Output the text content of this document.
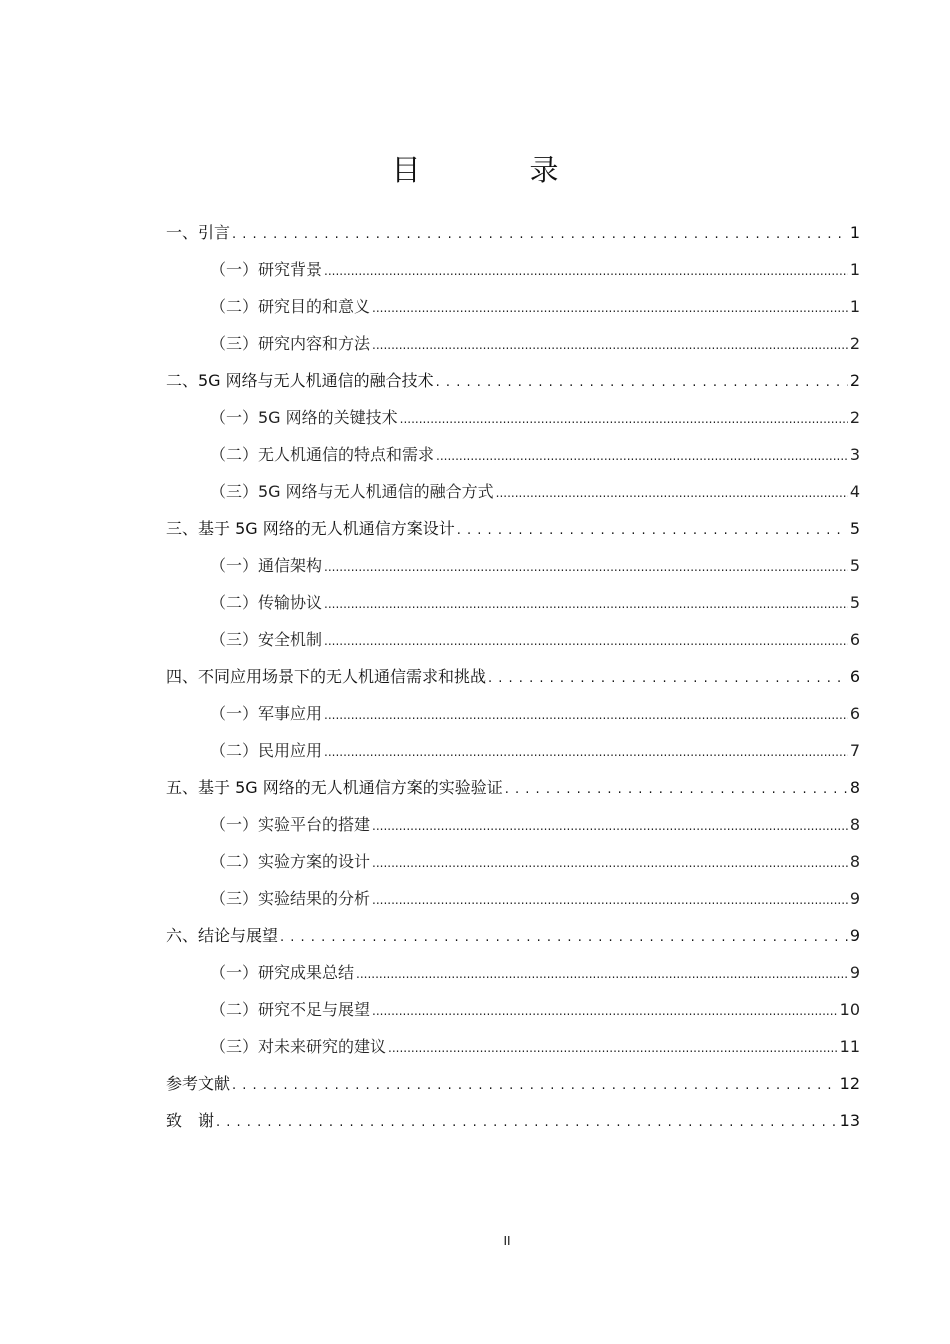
目　录
一、引言 . . .	1
（一）研究背景 .....	1
（二）研究目的和意义 .....	1
（三）研究内容和方法 .....	2
二、5G 网络与无人机通信的融合技术 . . .	2
（一）5G 网络的关键技术 .....	2
（二）无人机通信的特点和需求 .....	3
（三）5G 网络与无人机通信的融合方式 .....	4
三、基于 5G 网络的无人机通信方案设计 . . .	5
（一）通信架构 .....	5
（二）传输协议 .....	5
（三）安全机制 .....	6
四、不同应用场景下的无人机通信需求和挑战 . . .	6
（一）军事应用 .....	6
（二）民用应用 .....	7
五、基于 5G 网络的无人机通信方案的实验验证 . . .	8
（一）实验平台的搭建 .....	8
（二）实验方案的设计 .....	8
（三）实验结果的分析 .....	9
六、结论与展望 . . .	9
（一）研究成果总结 .....	9
（二）研究不足与展望 .....	10
（三）对未来研究的建议 .....	11
参考文献 . . .	12
致　谢 . . .	13
II
